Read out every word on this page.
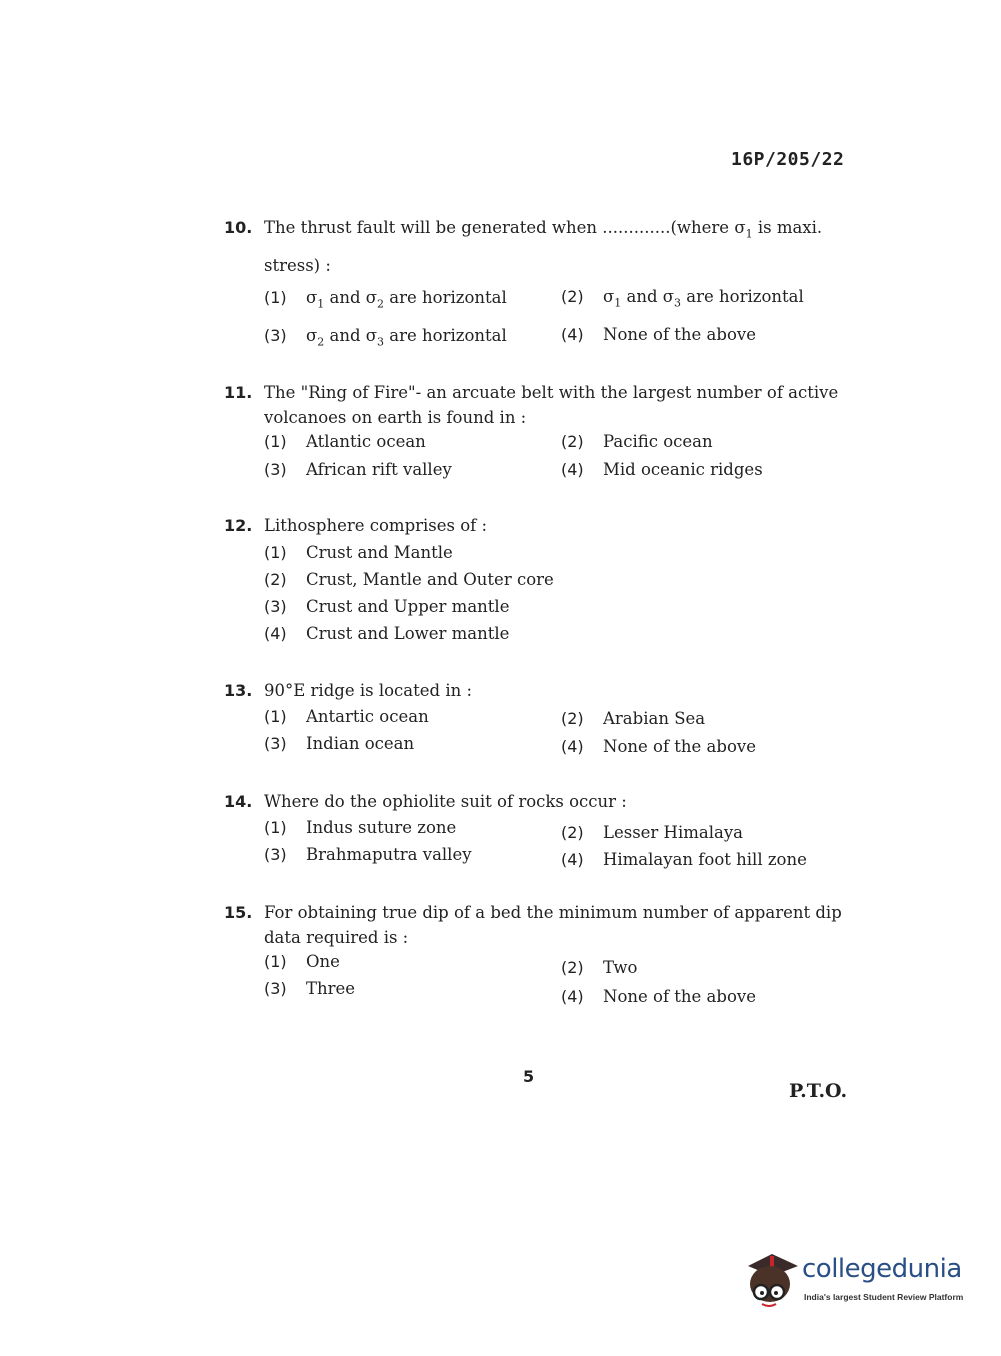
16P/205/22
10. The thrust fault will be generated when .............(where $\sigma_1$ is maxi.
stress) :
(1) $\sigma_1$ and $\sigma_2$ are horizontal	(2) $\sigma_1$ and $\sigma_3$ are horizontal
(3) $\sigma_2$ and $\sigma_3$ are horizontal	(4) None of the above
11. The "Ring of Fire"- an arcuate belt with the largest number of active
volcanoes on earth is found in :
(1) Atlantic ocean	(2) Pacific ocean
(3) African rift valley	(4) Mid oceanic ridges
12. Lithosphere comprises of :
(1) Crust and Mantle
(2) Crust, Mantle and Outer core
(3) Crust and Upper mantle
(4) Crust and Lower mantle
13. 90°E ridge is located in :
(1) Antartic ocean	(2) Arabian Sea
(3) Indian ocean	(4) None of the above
14. Where do the ophiolite suit of rocks occur :
(1) Indus suture zone	(2) Lesser Himalaya
(3) Brahmaputra valley	(4) Himalayan foot hill zone
15. For obtaining true dip of a bed the minimum number of apparent dip
data required is :
(1) One	(2) Two
(3) Three	(4) None of the above
5
P.T.O.
collegedunia
India's largest Student Review Platform
